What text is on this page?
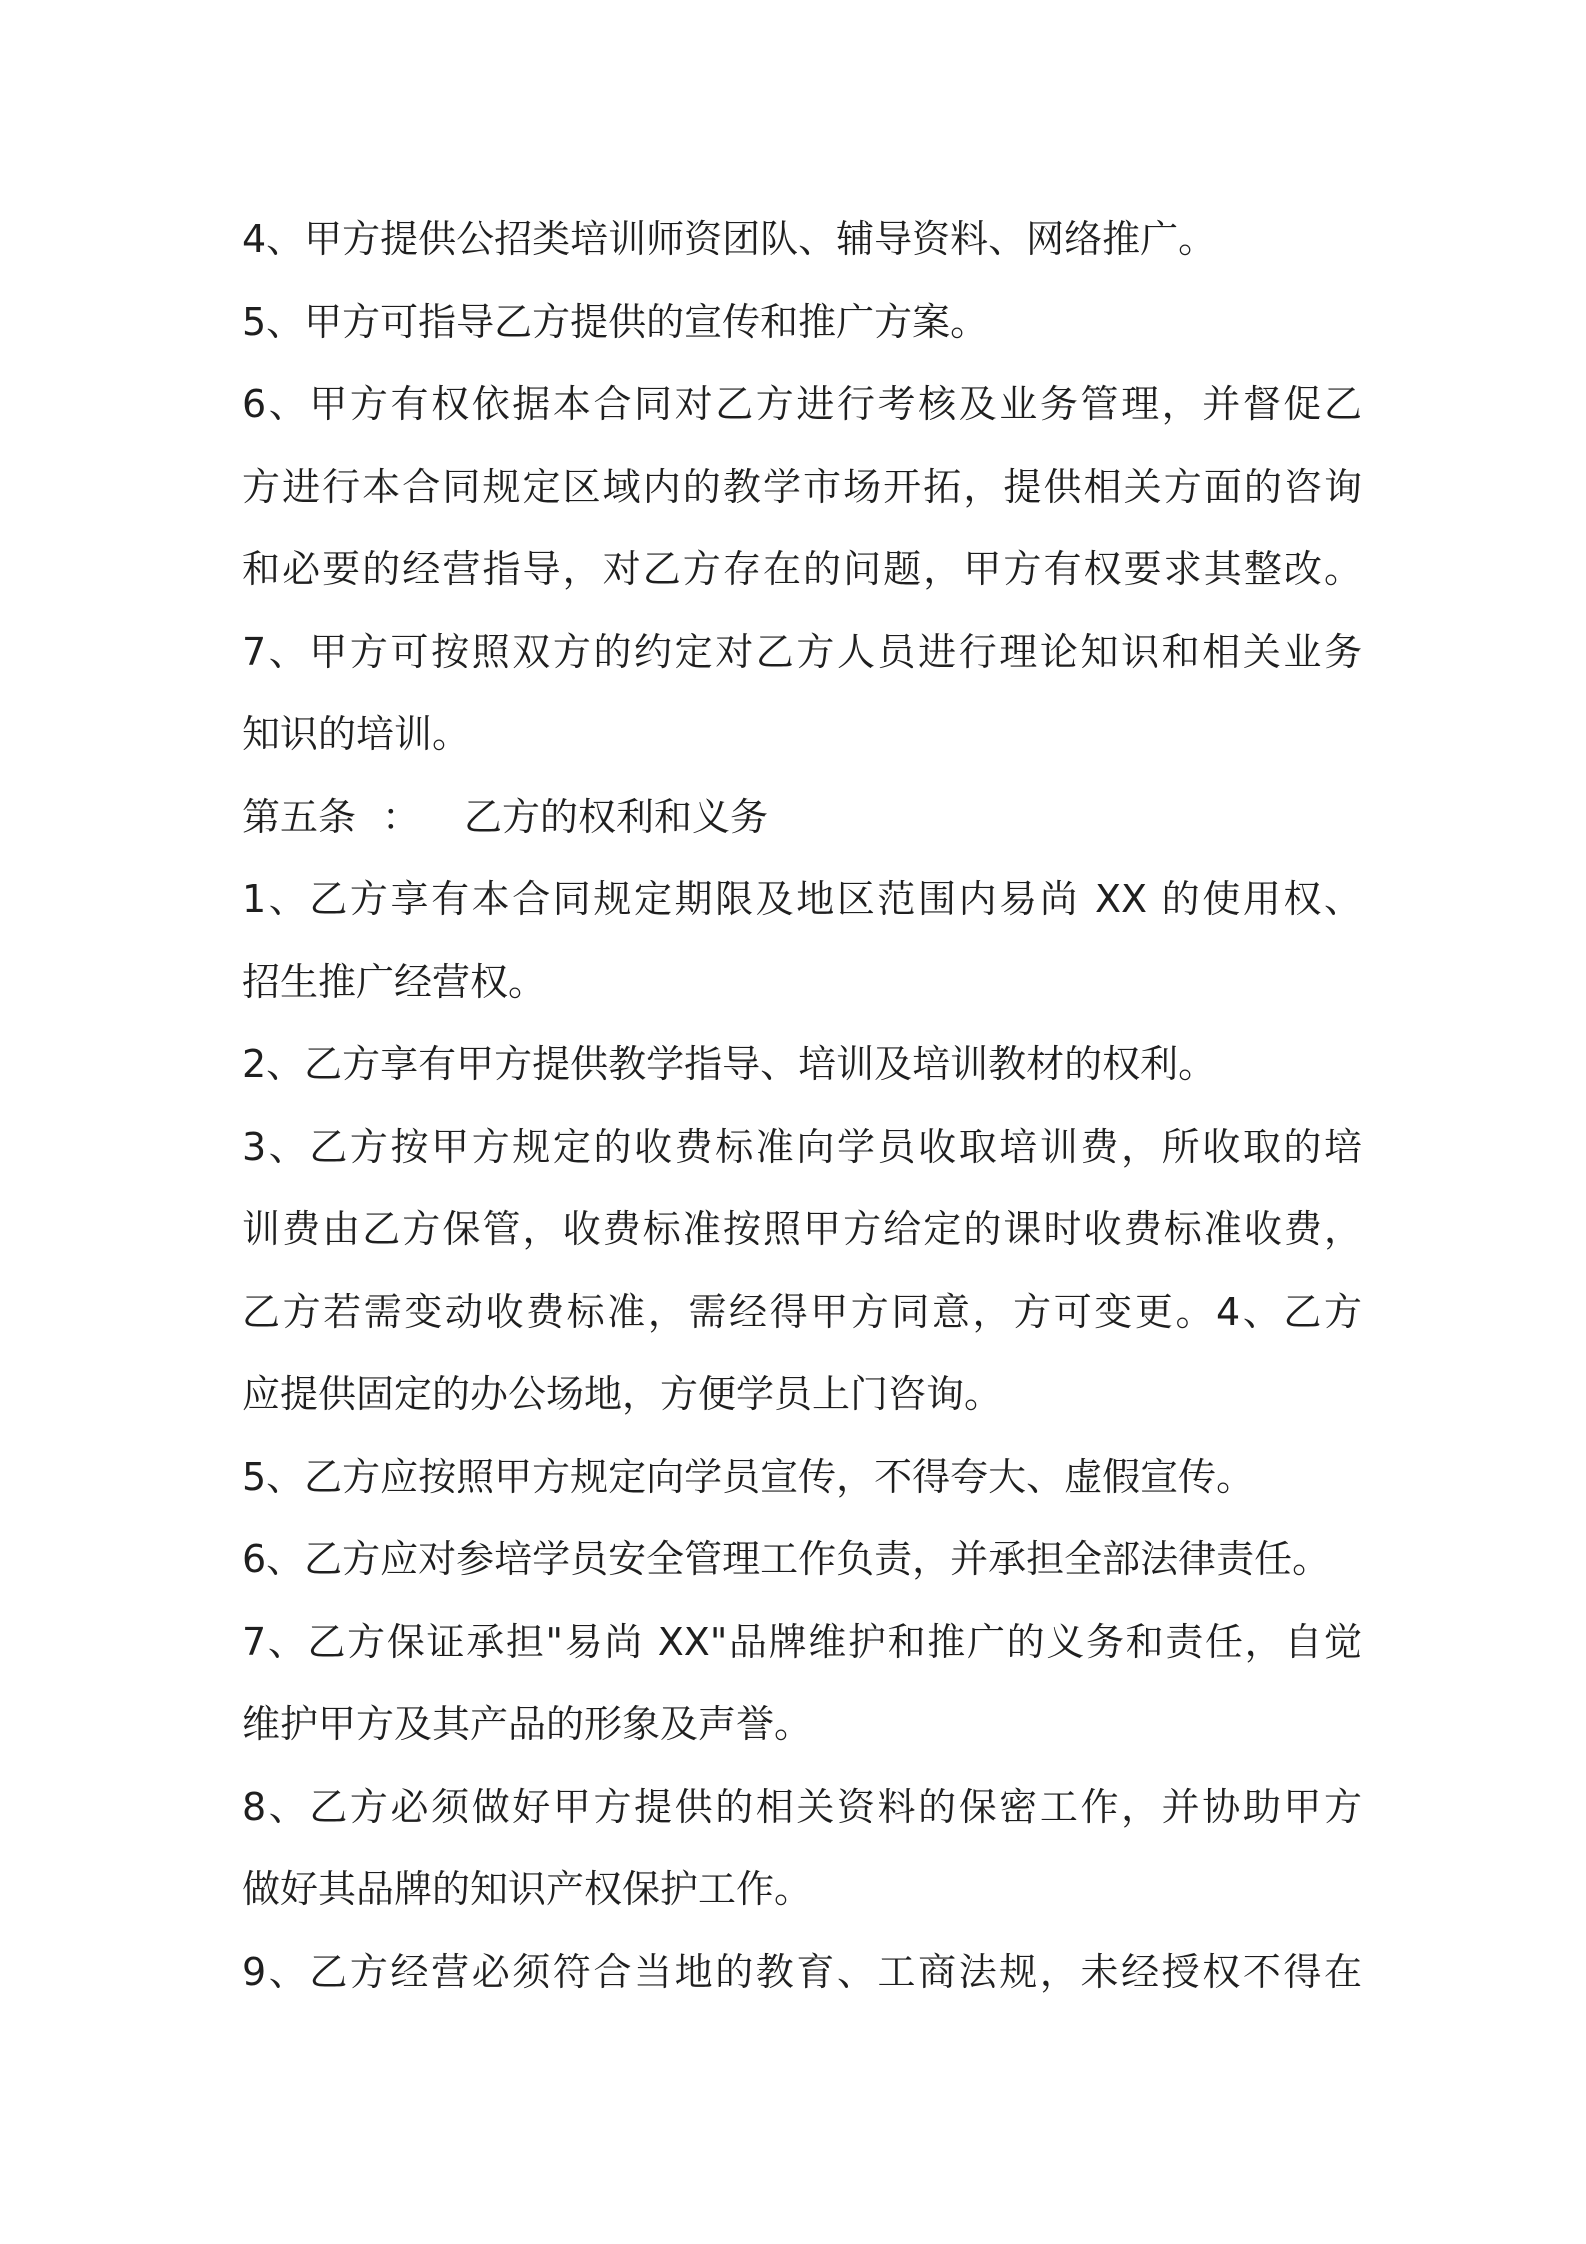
4、甲方提供公招类培训师资团队、辅导资料、网络推广。
5、甲方可指导乙方提供的宣传和推广方案。
6、甲方有权依据本合同对乙方进行考核及业务管理，并督促乙
方进行本合同规定区域内的教学市场开拓，提供相关方面的咨询
和必要的经营指导，对乙方存在的问题，甲方有权要求其整改。
7、甲方可按照双方的约定对乙方人员进行理论知识和相关业务
知识的培训。
第五条 ： 乙方的权利和义务
1、乙方享有本合同规定期限及地区范围内易尚 XX 的使用权、
招生推广经营权。
2、乙方享有甲方提供教学指导、培训及培训教材的权利。
3、乙方按甲方规定的收费标准向学员收取培训费，所收取的培
训费由乙方保管，收费标准按照甲方给定的课时收费标准收费，
乙方若需变动收费标准，需经得甲方同意，方可变更。4、乙方
应提供固定的办公场地，方便学员上门咨询。
5、乙方应按照甲方规定向学员宣传，不得夸大、虚假宣传。
6、乙方应对参培学员安全管理工作负责，并承担全部法律责任。
7、乙方保证承担"易尚 XX"品牌维护和推广的义务和责任，自觉
维护甲方及其产品的形象及声誉。
8、乙方必须做好甲方提供的相关资料的保密工作，并协助甲方
做好其品牌的知识产权保护工作。
9、乙方经营必须符合当地的教育、工商法规，未经授权不得在
